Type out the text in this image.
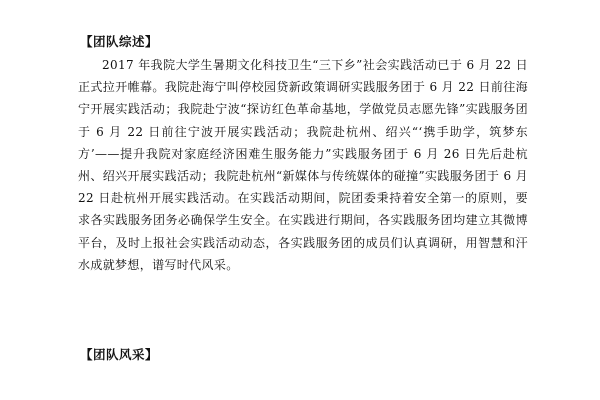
【团队综述】

2017 年我院大学生暑期文化科技卫生“三下乡”社会实践活动已于 6 月 22 日正式拉开帷幕。我院赴海宁叫停校园贷新政策调研实践服务团于 6 月 22 日前往海宁开展实践活动；我院赴宁波“探访红色革命基地，学做党员志愿先锋”实践服务团于 6 月 22 日前往宁波开展实践活动；我院赴杭州、绍兴“‘携手助学，筑梦东方’——提升我院对家庭经济困难生服务能力”实践服务团于 6 月 26 日先后赴杭州、绍兴开展实践活动；我院赴杭州“新媒体与传统媒体的碰撞”实践服务团于 6 月 22 日赴杭州开展实践活动。在实践活动期间，院团委秉持着安全第一的原则，要求各实践服务团务必确保学生安全。在实践进行期间，各实践服务团均建立其微博平台，及时上报社会实践活动动态，各实践服务团的成员们认真调研，用智慧和汗水成就梦想，谱写时代风采。

【团队风采】
